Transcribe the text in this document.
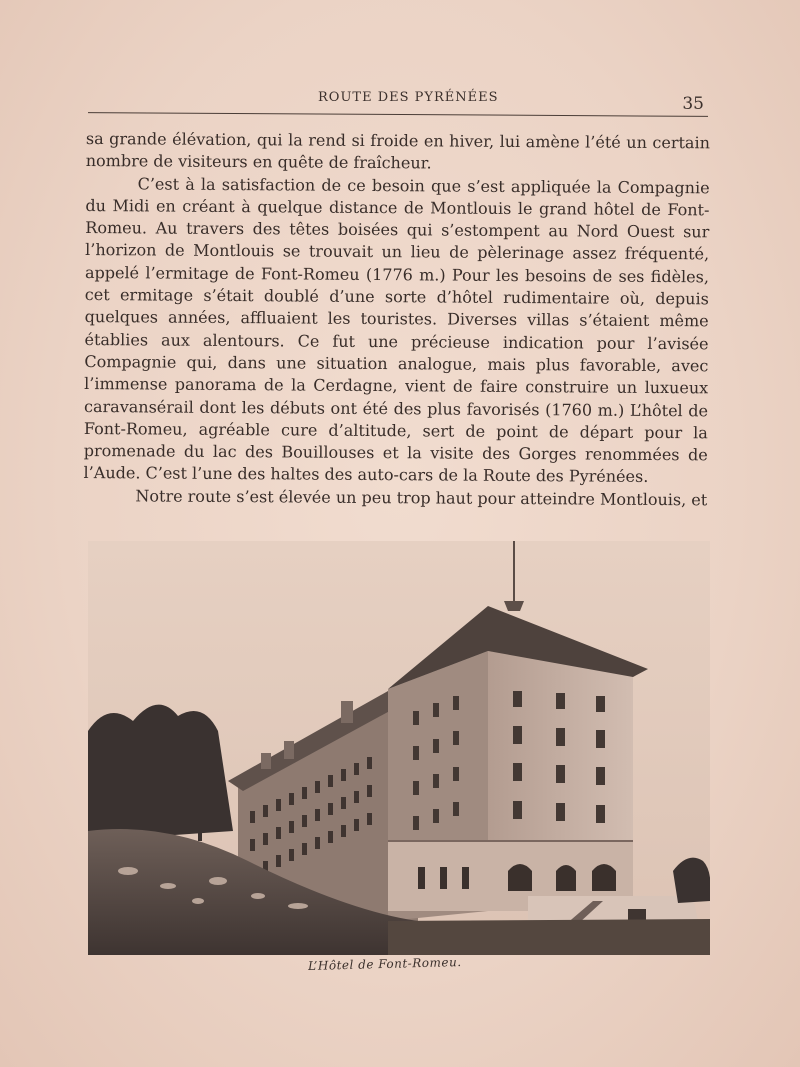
ROUTE DES PYRÉNÉES	35

sa grande élévation, qui la rend si froide en hiver, lui amène l’été un certain nombre de visiteurs en quête de fraîcheur.

C’est à la satisfaction de ce besoin que s’est appliquée la Compagnie du Midi en créant à quelque distance de Montlouis le grand hôtel de Font-Romeu. Au travers des têtes boisées qui s’estompent au Nord Ouest sur l’horizon de Montlouis se trouvait un lieu de pèlerinage assez fréquenté, appelé l’ermitage de Font-Romeu (1776 m.) Pour les besoins de ses fidèles, cet ermitage s’était doublé d’une sorte d’hôtel rudimentaire où, depuis quelques années, affluaient les touristes. Diverses villas s’étaient même établies aux alentours. Ce fut une précieuse indication pour l’avisée Compagnie qui, dans une situation analogue, mais plus favorable, avec l’immense panorama de la Cerdagne, vient de faire construire un luxueux caravansérail dont les débuts ont été des plus favorisés (1760 m.) L’hôtel de Font-Romeu, agréable cure d’altitude, sert de point de départ pour la promenade du lac des Bouillouses et la visite des Gorges renommées de l’Aude. C’est l’une des haltes des auto-cars de la Route des Pyrénées.

Notre route s’est élevée un peu trop haut pour atteindre Montlouis, et

L’Hôtel de Font-Romeu.
